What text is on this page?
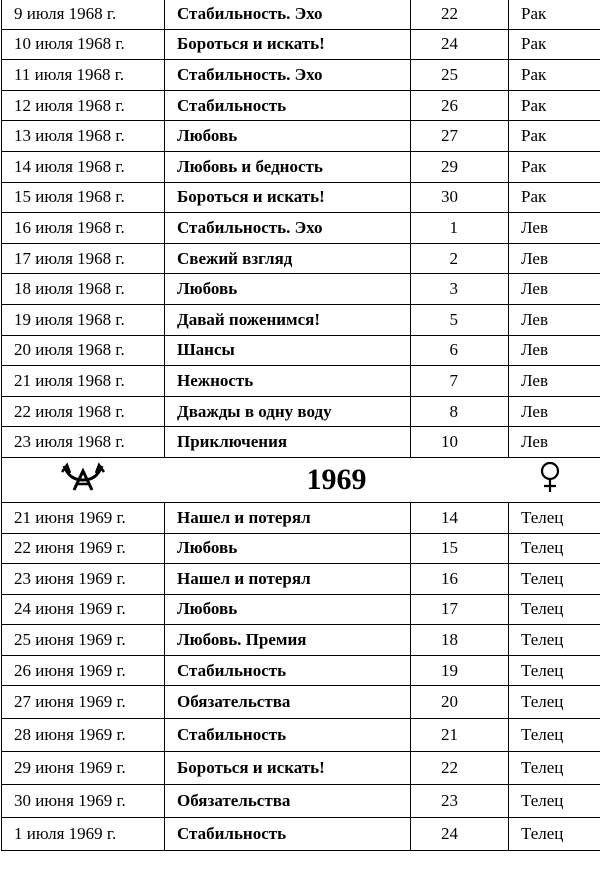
9 июля 1968 г.	Стабильность. Эхо	22	Рак
10 июля 1968 г.	Бороться и искать!	24	Рак
11 июля 1968 г.	Стабильность. Эхо	25	Рак
12 июля 1968 г.	Стабильность	26	Рак
13 июля 1968 г.	Любовь	27	Рак
14 июля 1968 г.	Любовь и бедность	29	Рак
15 июля 1968 г.	Бороться и искать!	30	Рак
16 июля 1968 г.	Стабильность. Эхо	1	Лев
17 июля 1968 г.	Свежий взгляд	2	Лев
18 июля 1968 г.	Любовь	3	Лев
19 июля 1968 г.	Давай поженимся!	5	Лев
20 июля 1968 г.	Шансы	6	Лев
21 июля 1968 г.	Нежность	7	Лев
22 июля 1968 г.	Дважды в одну воду	8	Лев
23 июля 1968 г.	Приключения	10	Лев
	1969	
21 июня 1969 г.	Нашел и потерял	14	Телец
22 июня 1969 г.	Любовь	15	Телец
23 июня 1969 г.	Нашел и потерял	16	Телец
24 июня 1969 г.	Любовь	17	Телец
25 июня 1969 г.	Любовь. Премия	18	Телец
26 июня 1969 г.	Стабильность	19	Телец
27 июня 1969 г.	Обязательства	20	Телец
28 июня 1969 г.	Стабильность	21	Телец
29 июня 1969 г.	Бороться и искать!	22	Телец
30 июня 1969 г.	Обязательства	23	Телец
1 июля 1969 г.	Стабильность	24	Телец
